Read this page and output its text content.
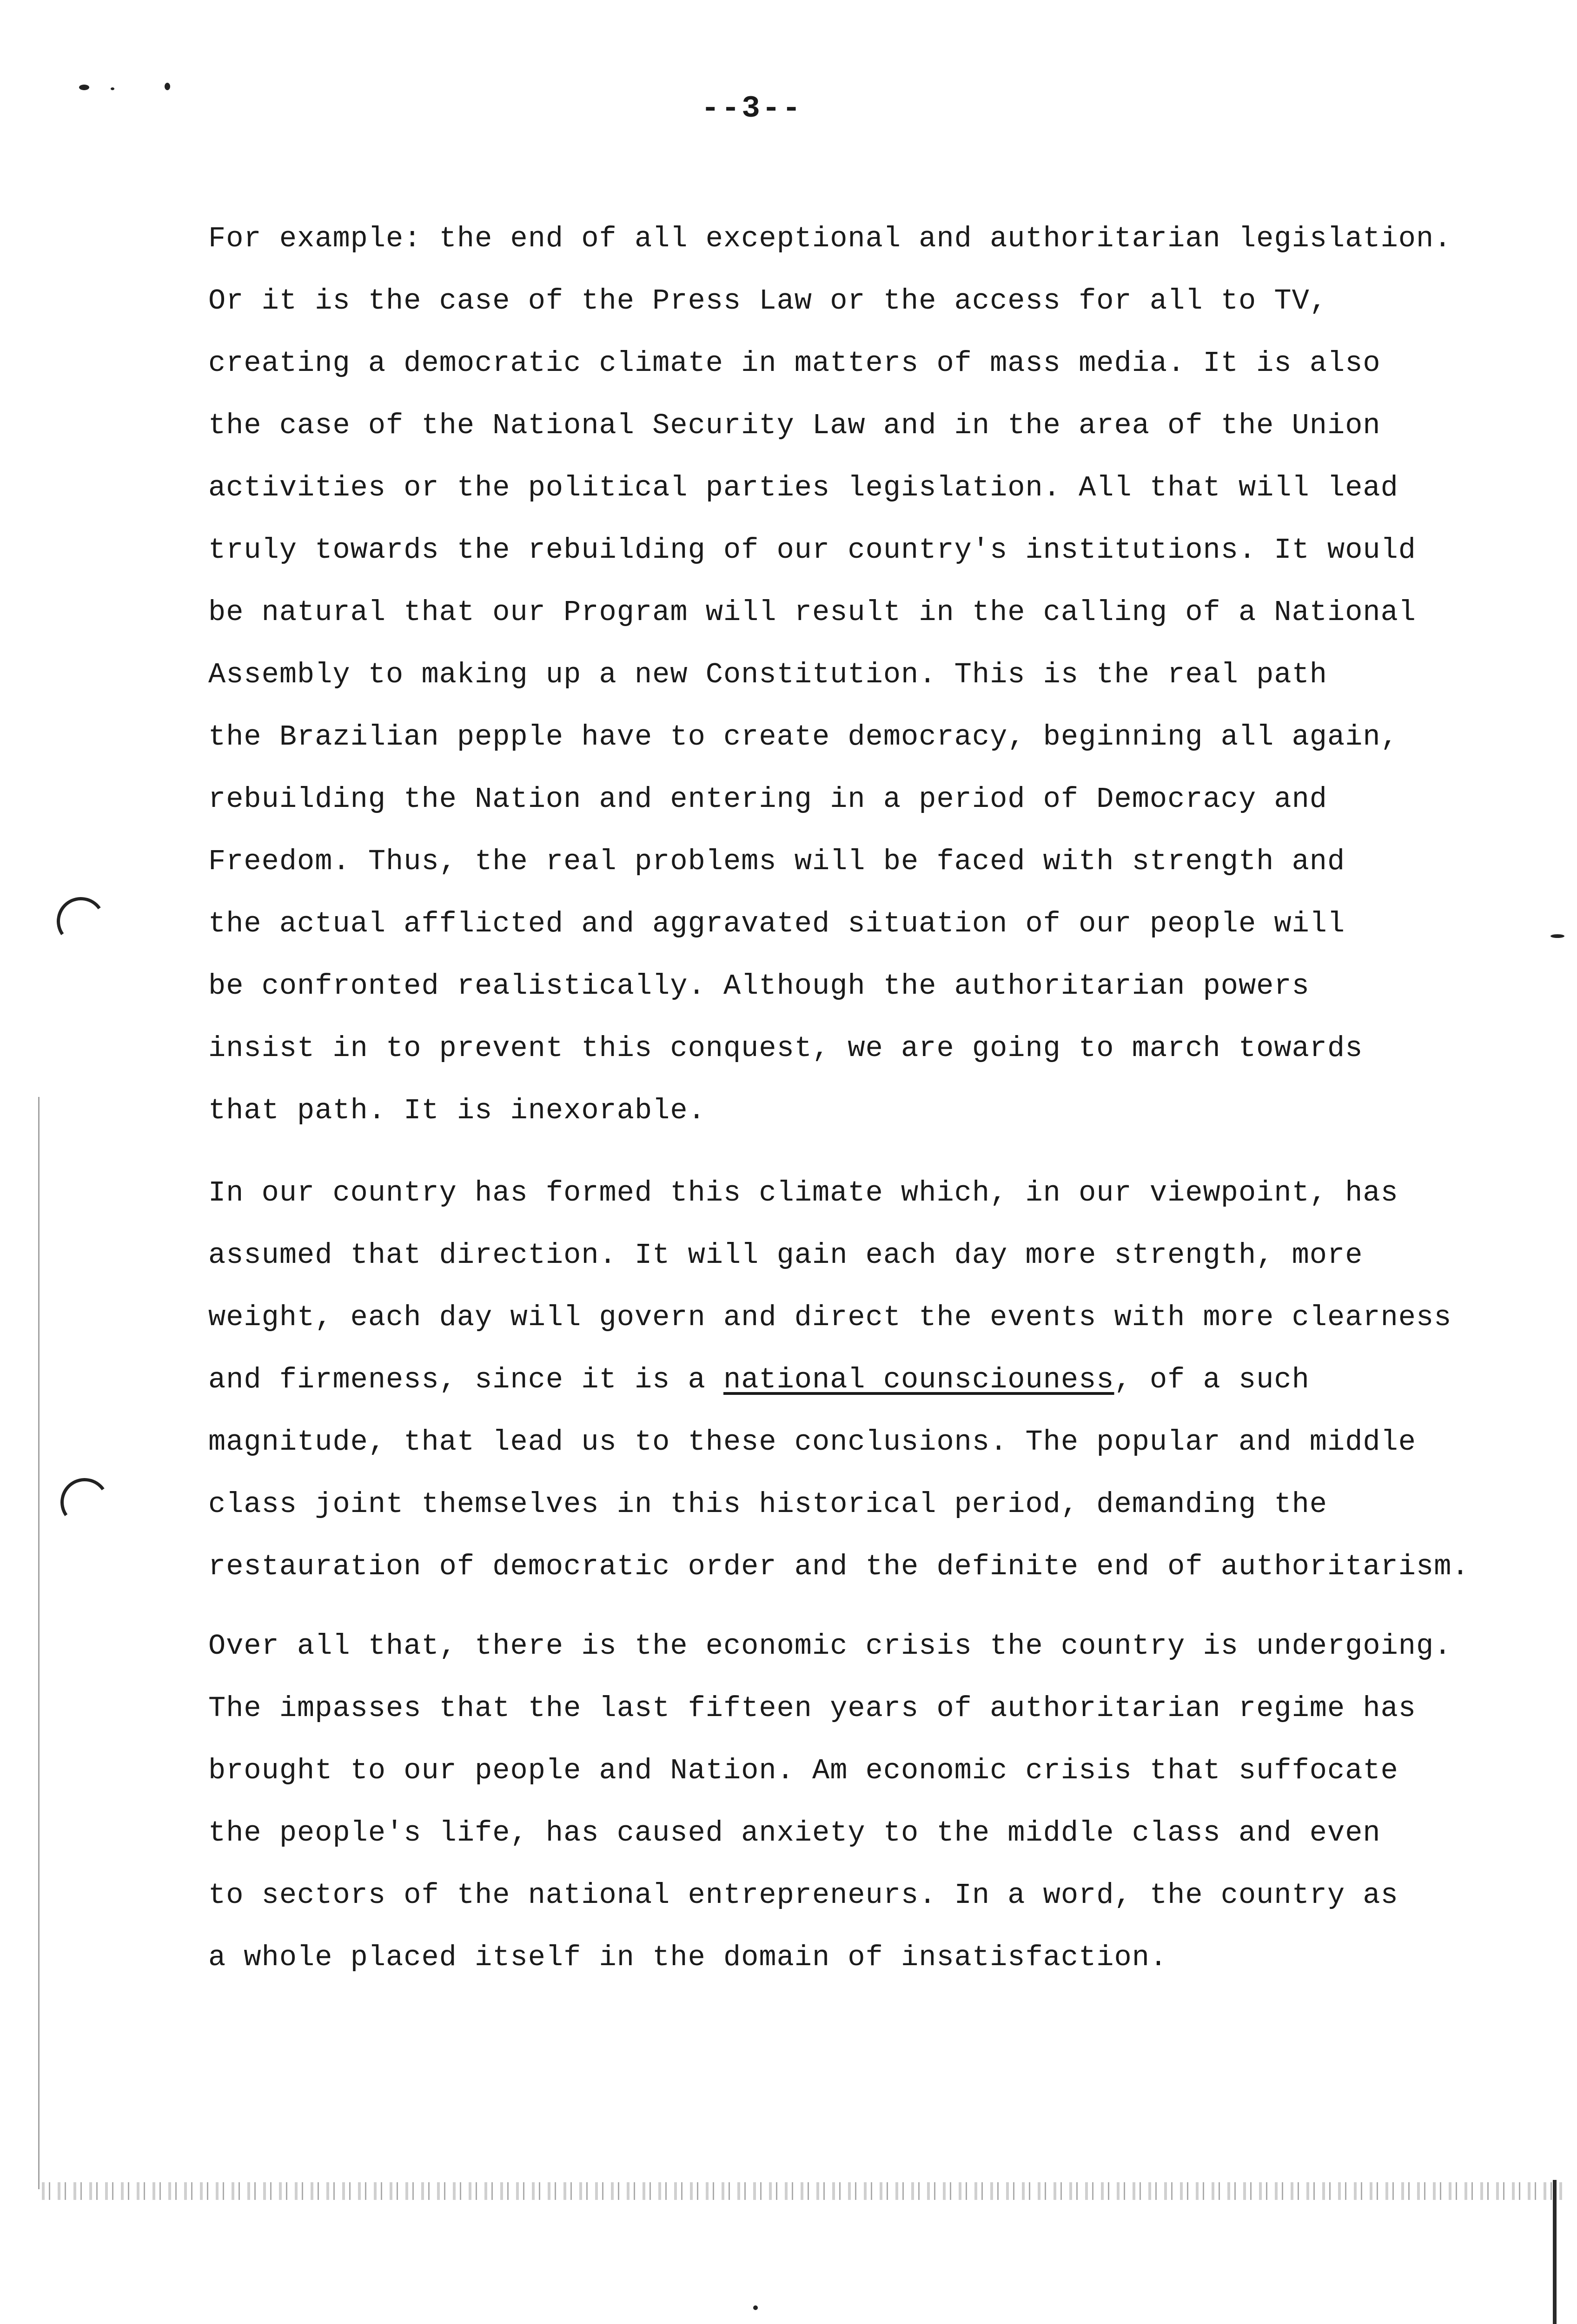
--3--
For example: the end of all exceptional and authoritarian legislation.
Or it is the case of the Press Law or the access for all to TV,
creating a democratic climate in matters of mass media. It is also
the case of the National Security Law and in the area of the Union
activities or the political parties legislation. All that will lead
truly towards the rebuilding of our country's institutions. It would
be natural that our Program will result in the calling of a National
Assembly to making up a new Constitution. This is the real path
the Brazilian pepple have to create democracy, beginning all again,
rebuilding the Nation and entering in a period of Democracy and
Freedom. Thus, the real problems will be faced with strength and
the actual afflicted and aggravated situation of our people will
be confronted realistically. Although the authoritarian powers
insist in to prevent this conquest, we are going to march towards
that path. It is inexorable.
In our country has formed this climate which, in our viewpoint, has
assumed that direction. It will gain each day more strength, more
weight, each day will govern and direct the events with more clearness
and firmeness, since it is a national counsciouness, of a such
magnitude, that lead us to these conclusions. The popular and middle
class joint themselves in this historical period, demanding the
restauration of democratic order and the definite end of authoritarism.
Over all that, there is the economic crisis the country is undergoing.
The impasses that the last fifteen years of authoritarian regime has
brought to our people and Nation. Am economic crisis that suffocate
the people's life, has caused anxiety to the middle class and even
to sectors of the national entrepreneurs. In a word, the country as
a whole placed itself in the domain of insatisfaction.
